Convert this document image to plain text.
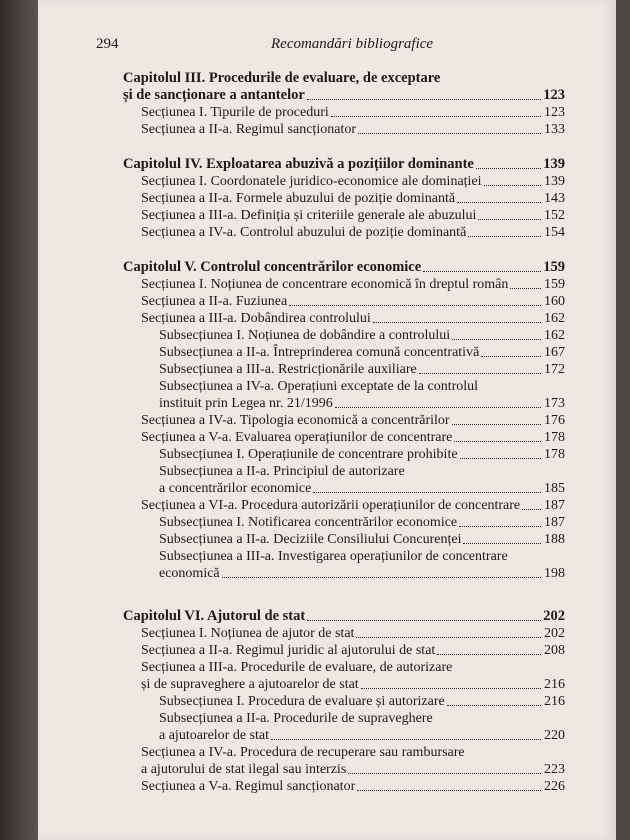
294	Recomandări bibliografice
Capitolul III. Procedurile de evaluare, de exceptare
și de sancționare a antantelor	123
Secțiunea I. Tipurile de proceduri	123
Secțiunea a II-a. Regimul sancționator	133
Capitolul IV. Exploatarea abuzivă a pozițiilor dominante	139
Secțiunea I. Coordonatele juridico-economice ale dominației	139
Secțiunea a II-a. Formele abuzului de poziție dominantă	143
Secțiunea a III-a. Definiția și criteriile generale ale abuzului	152
Secțiunea a IV-a. Controlul abuzului de poziție dominantă	154
Capitolul V. Controlul concentrărilor economice	159
Secțiunea I. Noțiunea de concentrare economică în dreptul român	159
Secțiunea a II-a. Fuziunea	160
Secțiunea a III-a. Dobândirea controlului	162
Subsecțiunea I. Noțiunea de dobândire a controlului	162
Subsecțiunea a II-a. Întreprinderea comună concentrativă	167
Subsecțiunea a III-a. Restricționările auxiliare	172
Subsecțiunea a IV-a. Operațiuni exceptate de la controlul
instituit prin Legea nr. 21/1996	173
Secțiunea a IV-a. Tipologia economică a concentrărilor	176
Secțiunea a V-a. Evaluarea operațiunilor de concentrare	178
Subsecțiunea I. Operațiunile de concentrare prohibite	178
Subsecțiunea a II-a. Principiul de autorizare
a concentrărilor economice	185
Secțiunea a VI-a. Procedura autorizării operațiunilor de concentrare 187
Subsecțiunea I. Notificarea concentrărilor economice	187
Subsecțiunea a II-a. Deciziile Consiliului Concurenței	188
Subsecțiunea a III-a. Investigarea operațiunilor de concentrare
economică	198
Capitolul VI. Ajutorul de stat	202
Secțiunea I. Noțiunea de ajutor de stat	202
Secțiunea a II-a. Regimul juridic al ajutorului de stat	208
Secțiunea a III-a. Procedurile de evaluare, de autorizare
și de supraveghere a ajutoarelor de stat	216
Subsecțiunea I. Procedura de evaluare și autorizare	216
Subsecțiunea a II-a. Procedurile de supraveghere
a ajutoarelor de stat	220
Secțiunea a IV-a. Procedura de recuperare sau rambursare
a ajutorului de stat ilegal sau interzis	223
Secțiunea a V-a. Regimul sancționator	226
